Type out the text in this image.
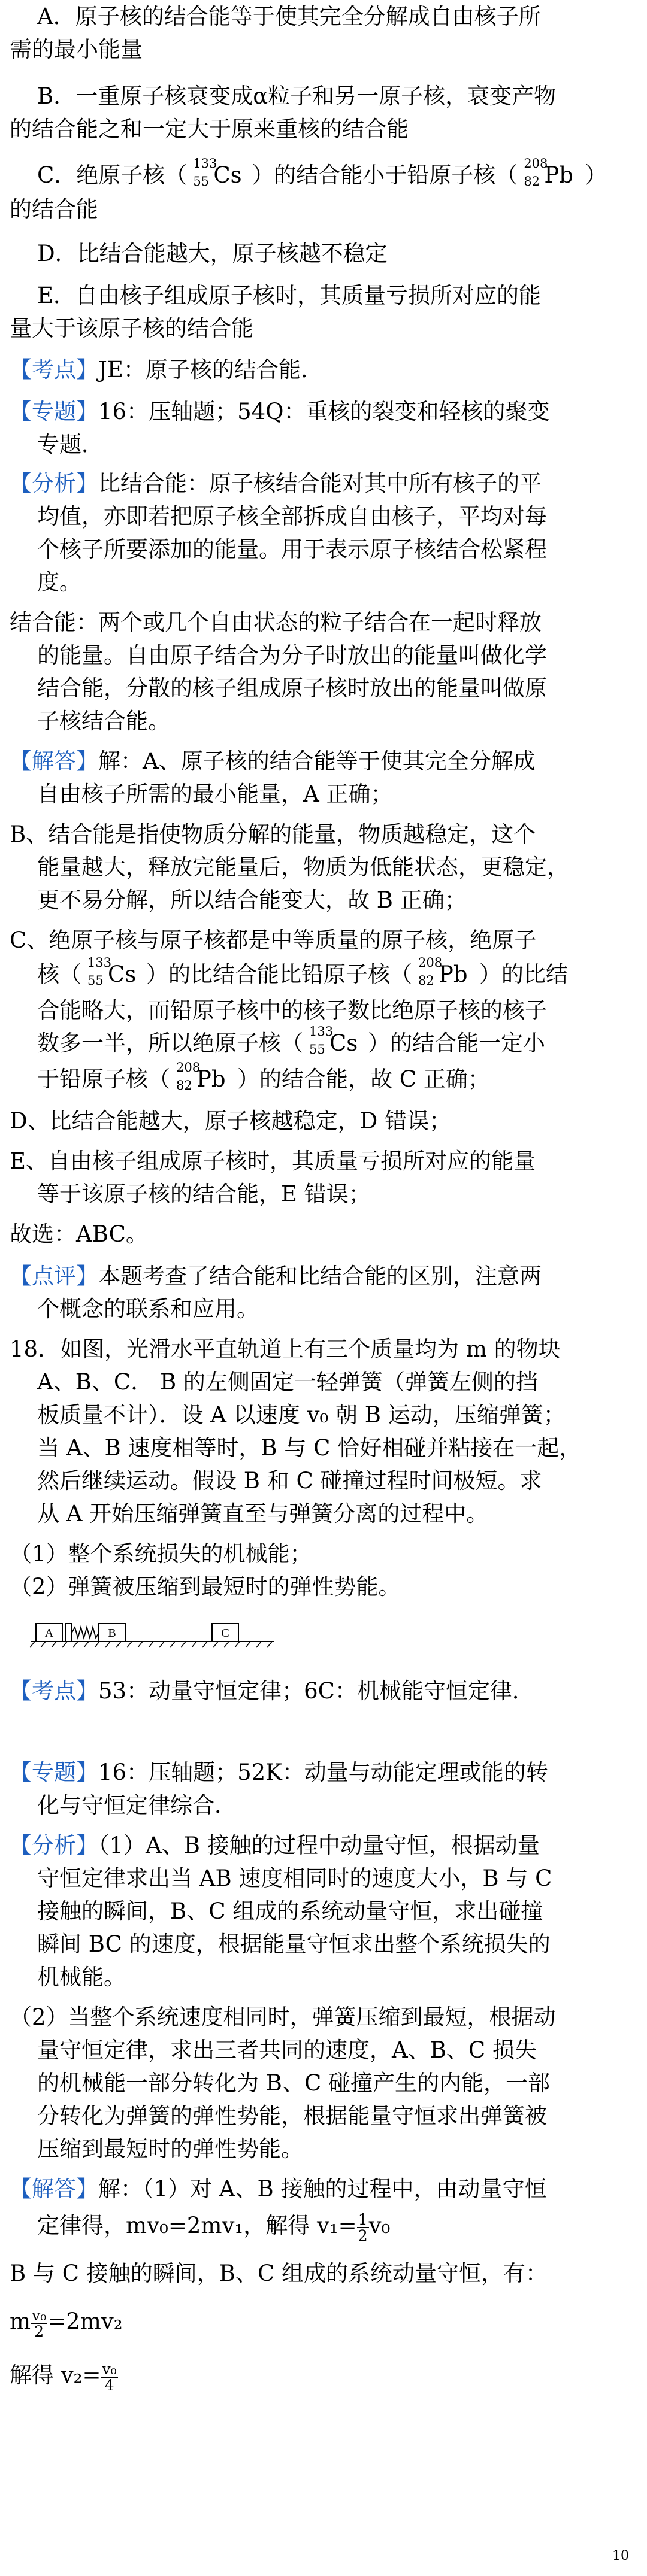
A．原子核的结合能等于使其完全分解成自由核子所
需的最小能量
B．一重原子核衰变成α粒子和另一原子核，衰变产物
的结合能之和一定大于原来重核的结合能
C．绝原子核（ 133
55 Cs ）的结合能小于铅原子核（ 208
82 Pb ）
的结合能
D．比结合能越大，原子核越不稳定
E．自由核子组成原子核时，其质量亏损所对应的能
量大于该原子核的结合能
【考点】JE：原子核的结合能．
【专题】16：压轴题；54Q：重核的裂变和轻核的聚变
专题．
【分析】比结合能：原子核结合能对其中所有核子的平
均值，亦即若把原子核全部拆成自由核子，平均对每
个核子所要添加的能量。用于表示原子核结合松紧程
度。
结合能：两个或几个自由状态的粒子结合在一起时释放
的能量。自由原子结合为分子时放出的能量叫做化学
结合能，分散的核子组成原子核时放出的能量叫做原
子核结合能。
【解答】解：A、原子核的结合能等于使其完全分解成
自由核子所需的最小能量，A 正确；
B、结合能是指使物质分解的能量，物质越稳定，这个
能量越大，释放完能量后，物质为低能状态，更稳定，
更不易分解，所以结合能变大，故 B 正确；
C、绝原子核与原子核都是中等质量的原子核，绝原子
核（ 133
55 Cs ）的比结合能比铅原子核（ 208
82 Pb ）的比结
合能略大，而铅原子核中的核子数比绝原子核的核子
数多一半，所以绝原子核（ 133
55 Cs ）的结合能一定小
于铅原子核（ 208
82 Pb ）的结合能，故 C 正确；
D、比结合能越大，原子核越稳定，D 错误；
E、自由核子组成原子核时，其质量亏损所对应的能量
等于该原子核的结合能，E 错误；
故选：ABC。
【点评】本题考查了结合能和比结合能的区别，注意两
个概念的联系和应用。
18．如图，光滑水平直轨道上有三个质量均为 m 的物块
A、B、C． B 的左侧固定一轻弹簧（弹簧左侧的挡
板质量不计）．设 A 以速度 v₀ 朝 B 运动，压缩弹簧；
当 A、B 速度相等时，B 与 C 恰好相碰并粘接在一起，
然后继续运动。假设 B 和 C 碰撞过程时间极短。求
从 A 开始压缩弹簧直至与弹簧分离的过程中。
（1）整个系统损失的机械能；
（2）弹簧被压缩到最短时的弹性势能。
A	B	C
【考点】53：动量守恒定律；6C：机械能守恒定律．
【专题】16：压轴题；52K：动量与动能定理或能的转
化与守恒定律综合．
【分析】（1）A、B 接触的过程中动量守恒，根据动量
守恒定律求出当 AB 速度相同时的速度大小，B 与 C
接触的瞬间，B、C 组成的系统动量守恒，求出碰撞
瞬间 BC 的速度，根据能量守恒求出整个系统损失的
机械能。
（2）当整个系统速度相同时，弹簧压缩到最短，根据动
量守恒定律，求出三者共同的速度，A、B、C 损失
的机械能一部分转化为 B、C 碰撞产生的内能，一部
分转化为弹簧的弹性势能，根据能量守恒求出弹簧被
压缩到最短时的弹性势能。
【解答】解：（1）对 A、B 接触的过程中，由动量守恒
定律得，mv₀=2mv₁，解得 $v_1= \frac{1}{2} v_0$
B 与 C 接触的瞬间，B、C 组成的系统动量守恒，有：
m $\frac{\text{v₀}}{2} =2mv_2$
解得 $v_2= \frac{\text{v₀}}{4}$
10
